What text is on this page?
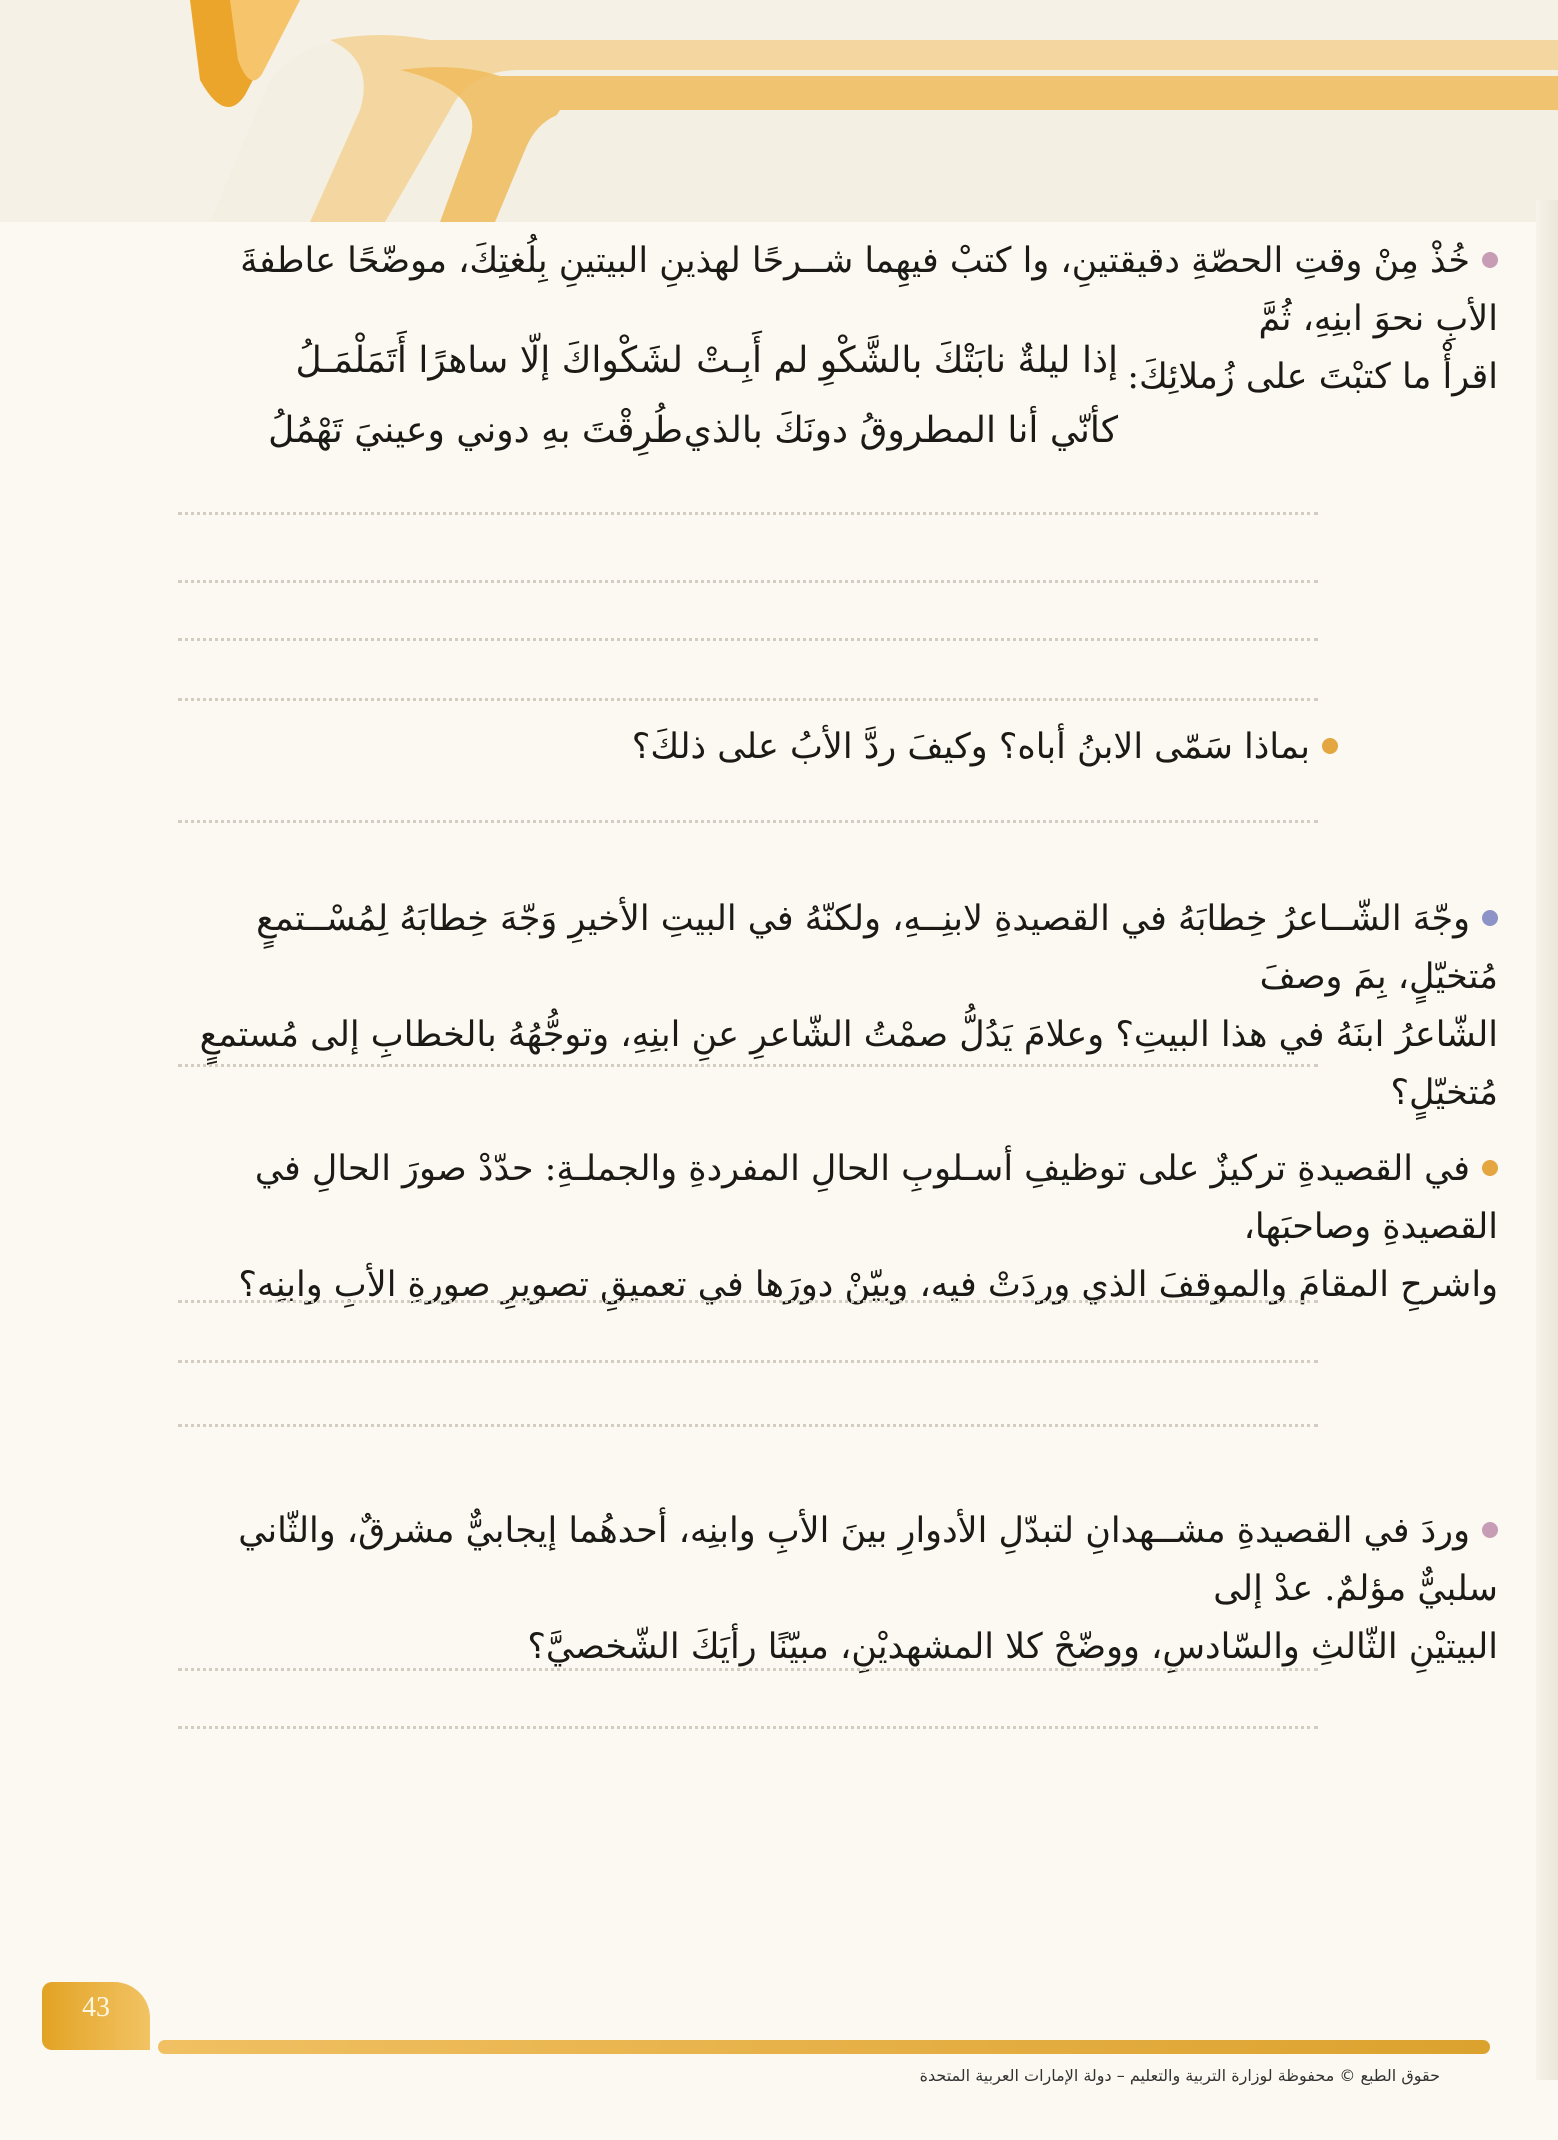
خُذْ مِنْ وقتِ الحصّةِ دقيقتينِ، وا كتبْ فيهِما شــرحًا لهذينِ البيتينِ بِلُغتِكَ، موضّحًا عاطفةَ الأبِ نحوَ ابنِهِ، ثُمَّ
اقرأْ ما كتبْتَ على زُملائِكَ:
إذا ليلةٌ نابَتْكَ بالشَّكْوِ لم أَبِـتْ
لشَكْواكَ إلّا ساهرًا أَتَمَلْمَـلُ
كأنّي أنا المطروقُ دونَكَ بالذي
طُرِقْتَ بهِ دوني وعينيَ تَهْمُلُ
بماذا سَمّى الابنُ أباه؟ وكيفَ ردَّ الأبُ على ذلكَ؟
وجّهَ الشّــاعرُ خِطابَهُ في القصيدةِ لابنِــهِ، ولكنّهُ في البيتِ الأخيرِ وَجّهَ خِطابَهُ لِمُسْــتمعٍ مُتخيّلٍ، بِمَ وصفَ
الشّاعرُ ابنَهُ في هذا البيتِ؟ وعلامَ يَدُلُّ صمْتُ الشّاعرِ عنِ ابنِهِ، وتوجُّهُهُ بالخطابِ إلى مُستمعٍ مُتخيّلٍ؟
في القصيدةِ تركيزٌ على توظيفِ أسـلوبِ الحالِ المفردةِ والجملـةِ: حدّدْ صورَ الحالِ في القصيدةِ وصاحبَها،
واشرحِ المقامَ والموقفَ الذي وردَتْ فيه، وبيّنْ دورَها في تعميقِ تصويرِ صورةِ الأبِ وابنِه؟
وردَ في القصيدةِ مشــهدانِ لتبدّلِ الأدوارِ بينَ الأبِ وابنِه، أحدهُما إيجابيٌّ مشرقٌ، والثّاني سلبيٌّ مؤلمٌ. عدْ إلى
البيتيْنِ الثّالثِ والسّادسِ، ووضّحْ كلا المشهديْنِ، مبيّنًا رأيَكَ الشّخصيَّ؟
43
حقوق الطبع © محفوظة لوزارة التربية والتعليم – دولة الإمارات العربية المتحدة
